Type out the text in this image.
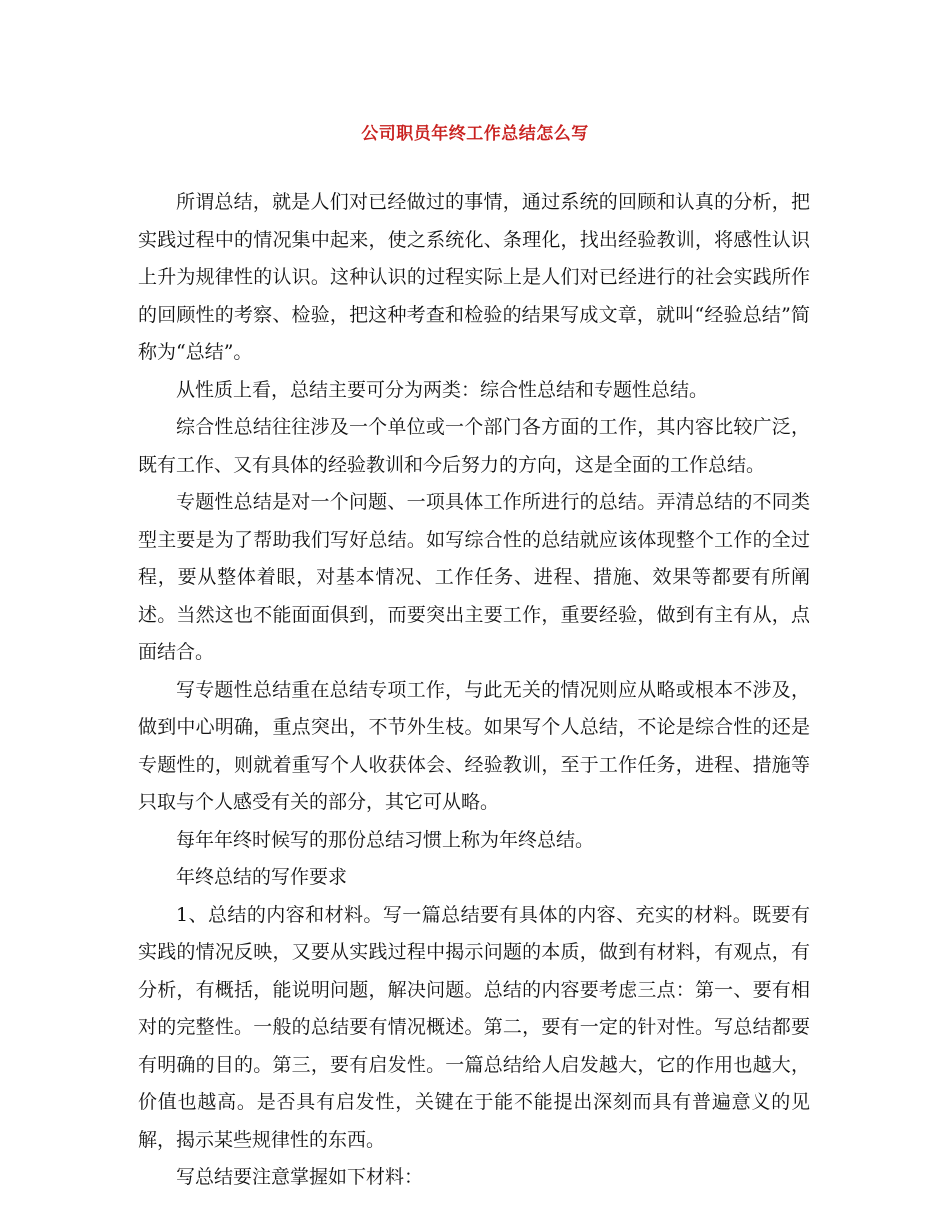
公司职员年终工作总结怎么写

所谓总结，就是人们对已经做过的事情，通过系统的回顾和认真的分析，把实践过程中的情况集中起来，使之系统化、条理化，找出经验教训，将感性认识上升为规律性的认识。这种认识的过程实际上是人们对已经进行的社会实践所作的回顾性的考察、检验，把这种考查和检验的结果写成文章，就叫“经验总结”简称为“总结”。

从性质上看，总结主要可分为两类：综合性总结和专题性总结。

综合性总结往往涉及一个单位或一个部门各方面的工作，其内容比较广泛，既有工作、又有具体的经验教训和今后努力的方向，这是全面的工作总结。

专题性总结是对一个问题、一项具体工作所进行的总结。弄清总结的不同类型主要是为了帮助我们写好总结。如写综合性的总结就应该体现整个工作的全过程，要从整体着眼，对基本情况、工作任务、进程、措施、效果等都要有所阐述。当然这也不能面面俱到，而要突出主要工作，重要经验，做到有主有从，点面结合。

写专题性总结重在总结专项工作，与此无关的情况则应从略或根本不涉及，做到中心明确，重点突出，不节外生枝。如果写个人总结，不论是综合性的还是专题性的，则就着重写个人收获体会、经验教训，至于工作任务，进程、措施等只取与个人感受有关的部分，其它可从略。

每年年终时候写的那份总结习惯上称为年终总结。

年终总结的写作要求

1、总结的内容和材料。写一篇总结要有具体的内容、充实的材料。既要有实践的情况反映，又要从实践过程中揭示问题的本质，做到有材料，有观点，有分析，有概括，能说明问题，解决问题。总结的内容要考虑三点：第一、要有相对的完整性。一般的总结要有情况概述。第二，要有一定的针对性。写总结都要有明确的目的。第三，要有启发性。一篇总结给人启发越大，它的作用也越大，价值也越高。是否具有启发性，关键在于能不能提出深刻而具有普遍意义的见解，揭示某些规律性的东西。

写总结要注意掌握如下材料：
